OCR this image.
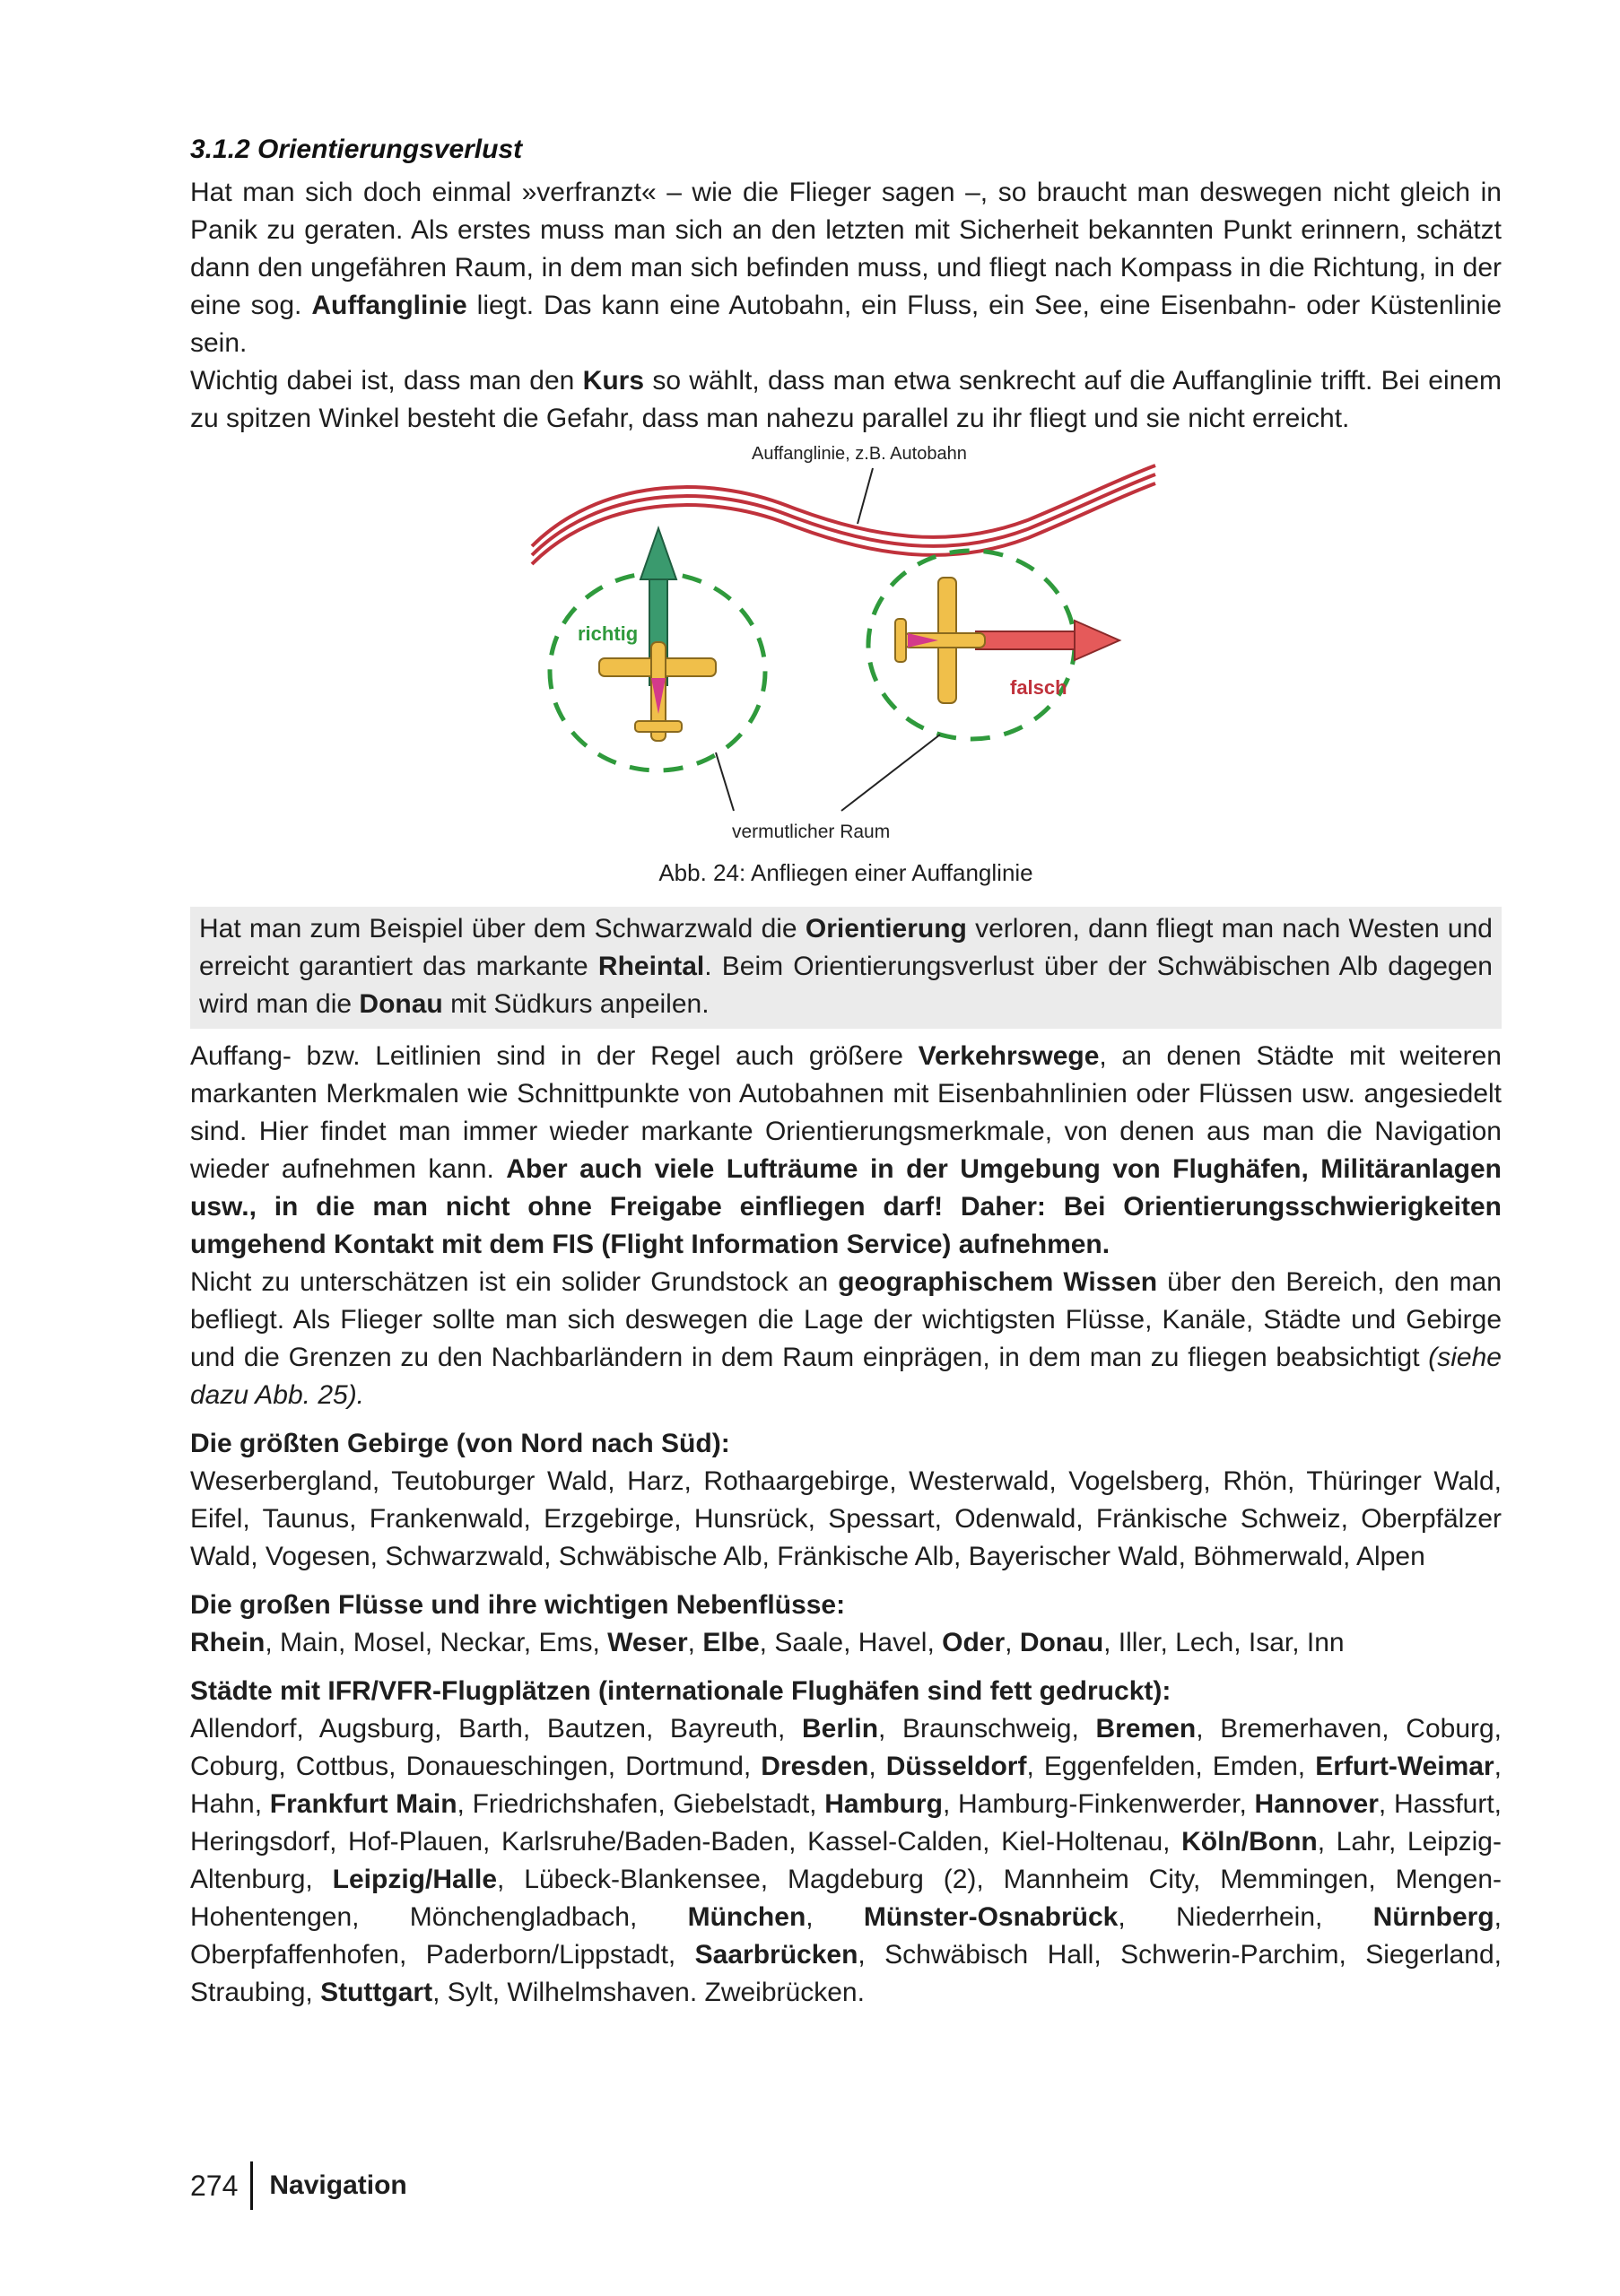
3.1.2 Orientierungsverlust

Hat man sich doch einmal »verfranzt« – wie die Flieger sagen –, so braucht man deswegen nicht gleich in Panik zu geraten. Als erstes muss man sich an den letzten mit Sicherheit bekannten Punkt erinnern, schätzt dann den ungefähren Raum, in dem man sich befinden muss, und fliegt nach Kompass in die Richtung, in der eine sog. Auffanglinie liegt. Das kann eine Autobahn, ein Fluss, ein See, eine Eisenbahn- oder Küstenlinie sein.

Wichtig dabei ist, dass man den Kurs so wählt, dass man etwa senkrecht auf die Auffanglinie trifft. Bei einem zu spitzen Winkel besteht die Gefahr, dass man nahezu parallel zu ihr fliegt und sie nicht erreicht.

Auffanglinie, z.B. Autobahn
richtig
falsch
vermutlicher Raum
Abb. 24: Anfliegen einer Auffanglinie

Hat man zum Beispiel über dem Schwarzwald die Orientierung verloren, dann fliegt man nach Westen und erreicht garantiert das markante Rheintal. Beim Orientierungsverlust über der Schwäbischen Alb dagegen wird man die Donau mit Südkurs anpeilen.

Auffang- bzw. Leitlinien sind in der Regel auch größere Verkehrswege, an denen Städte mit weiteren markanten Merkmalen wie Schnittpunkte von Autobahnen mit Eisenbahnlinien oder Flüssen usw. angesiedelt sind. Hier findet man immer wieder markante Orientierungsmerkmale, von denen aus man die Navigation wieder aufnehmen kann. Aber auch viele Lufträume in der Umgebung von Flughäfen, Militäranlagen usw., in die man nicht ohne Freigabe einfliegen darf! Daher: Bei Orientierungsschwierigkeiten umgehend Kontakt mit dem FIS (Flight Information Service) aufnehmen.

Nicht zu unterschätzen ist ein solider Grundstock an geographischem Wissen über den Bereich, den man befliegt. Als Flieger sollte man sich deswegen die Lage der wichtigsten Flüsse, Kanäle, Städte und Gebirge und die Grenzen zu den Nachbarländern in dem Raum einprägen, in dem man zu fliegen beabsichtigt (siehe dazu Abb. 25).

Die größten Gebirge (von Nord nach Süd):

Weserbergland, Teutoburger Wald, Harz, Rothaargebirge, Westerwald, Vogelsberg, Rhön, Thüringer Wald, Eifel, Taunus, Frankenwald, Erzgebirge, Hunsrück, Spessart, Odenwald, Fränkische Schweiz, Oberpfälzer Wald, Vogesen, Schwarzwald, Schwäbische Alb, Fränkische Alb, Bayerischer Wald, Böhmerwald, Alpen

Die großen Flüsse und ihre wichtigen Nebenflüsse:

Rhein, Main, Mosel, Neckar, Ems, Weser, Elbe, Saale, Havel, Oder, Donau, Iller, Lech, Isar, Inn

Städte mit IFR/VFR-Flugplätzen (internationale Flughäfen sind fett gedruckt):

Allendorf, Augsburg, Barth, Bautzen, Bayreuth, Berlin, Braunschweig, Bremen, Bremerhaven, Coburg, Coburg, Cottbus, Donaueschingen, Dortmund, Dresden, Düsseldorf, Eggenfelden, Emden, Erfurt-Weimar, Hahn, Frankfurt Main, Friedrichshafen, Giebelstadt, Hamburg, Hamburg-Finkenwerder, Hannover, Hassfurt, Heringsdorf, Hof-Plauen, Karlsruhe/Baden-Baden, Kassel-Calden, Kiel-Holtenau, Köln/Bonn, Lahr, Leipzig-Altenburg, Leipzig/Halle, Lübeck-Blankensee, Magdeburg (2), Mannheim City, Memmingen, Mengen-Hohentengen, Mönchengladbach, München, Münster-Osnabrück, Niederrhein, Nürnberg, Oberpfaffenhofen, Paderborn/Lippstadt, Saarbrücken, Schwäbisch Hall, Schwerin-Parchim, Siegerland, Straubing, Stuttgart, Sylt, Wilhelmshaven. Zweibrücken.

274 Navigation
